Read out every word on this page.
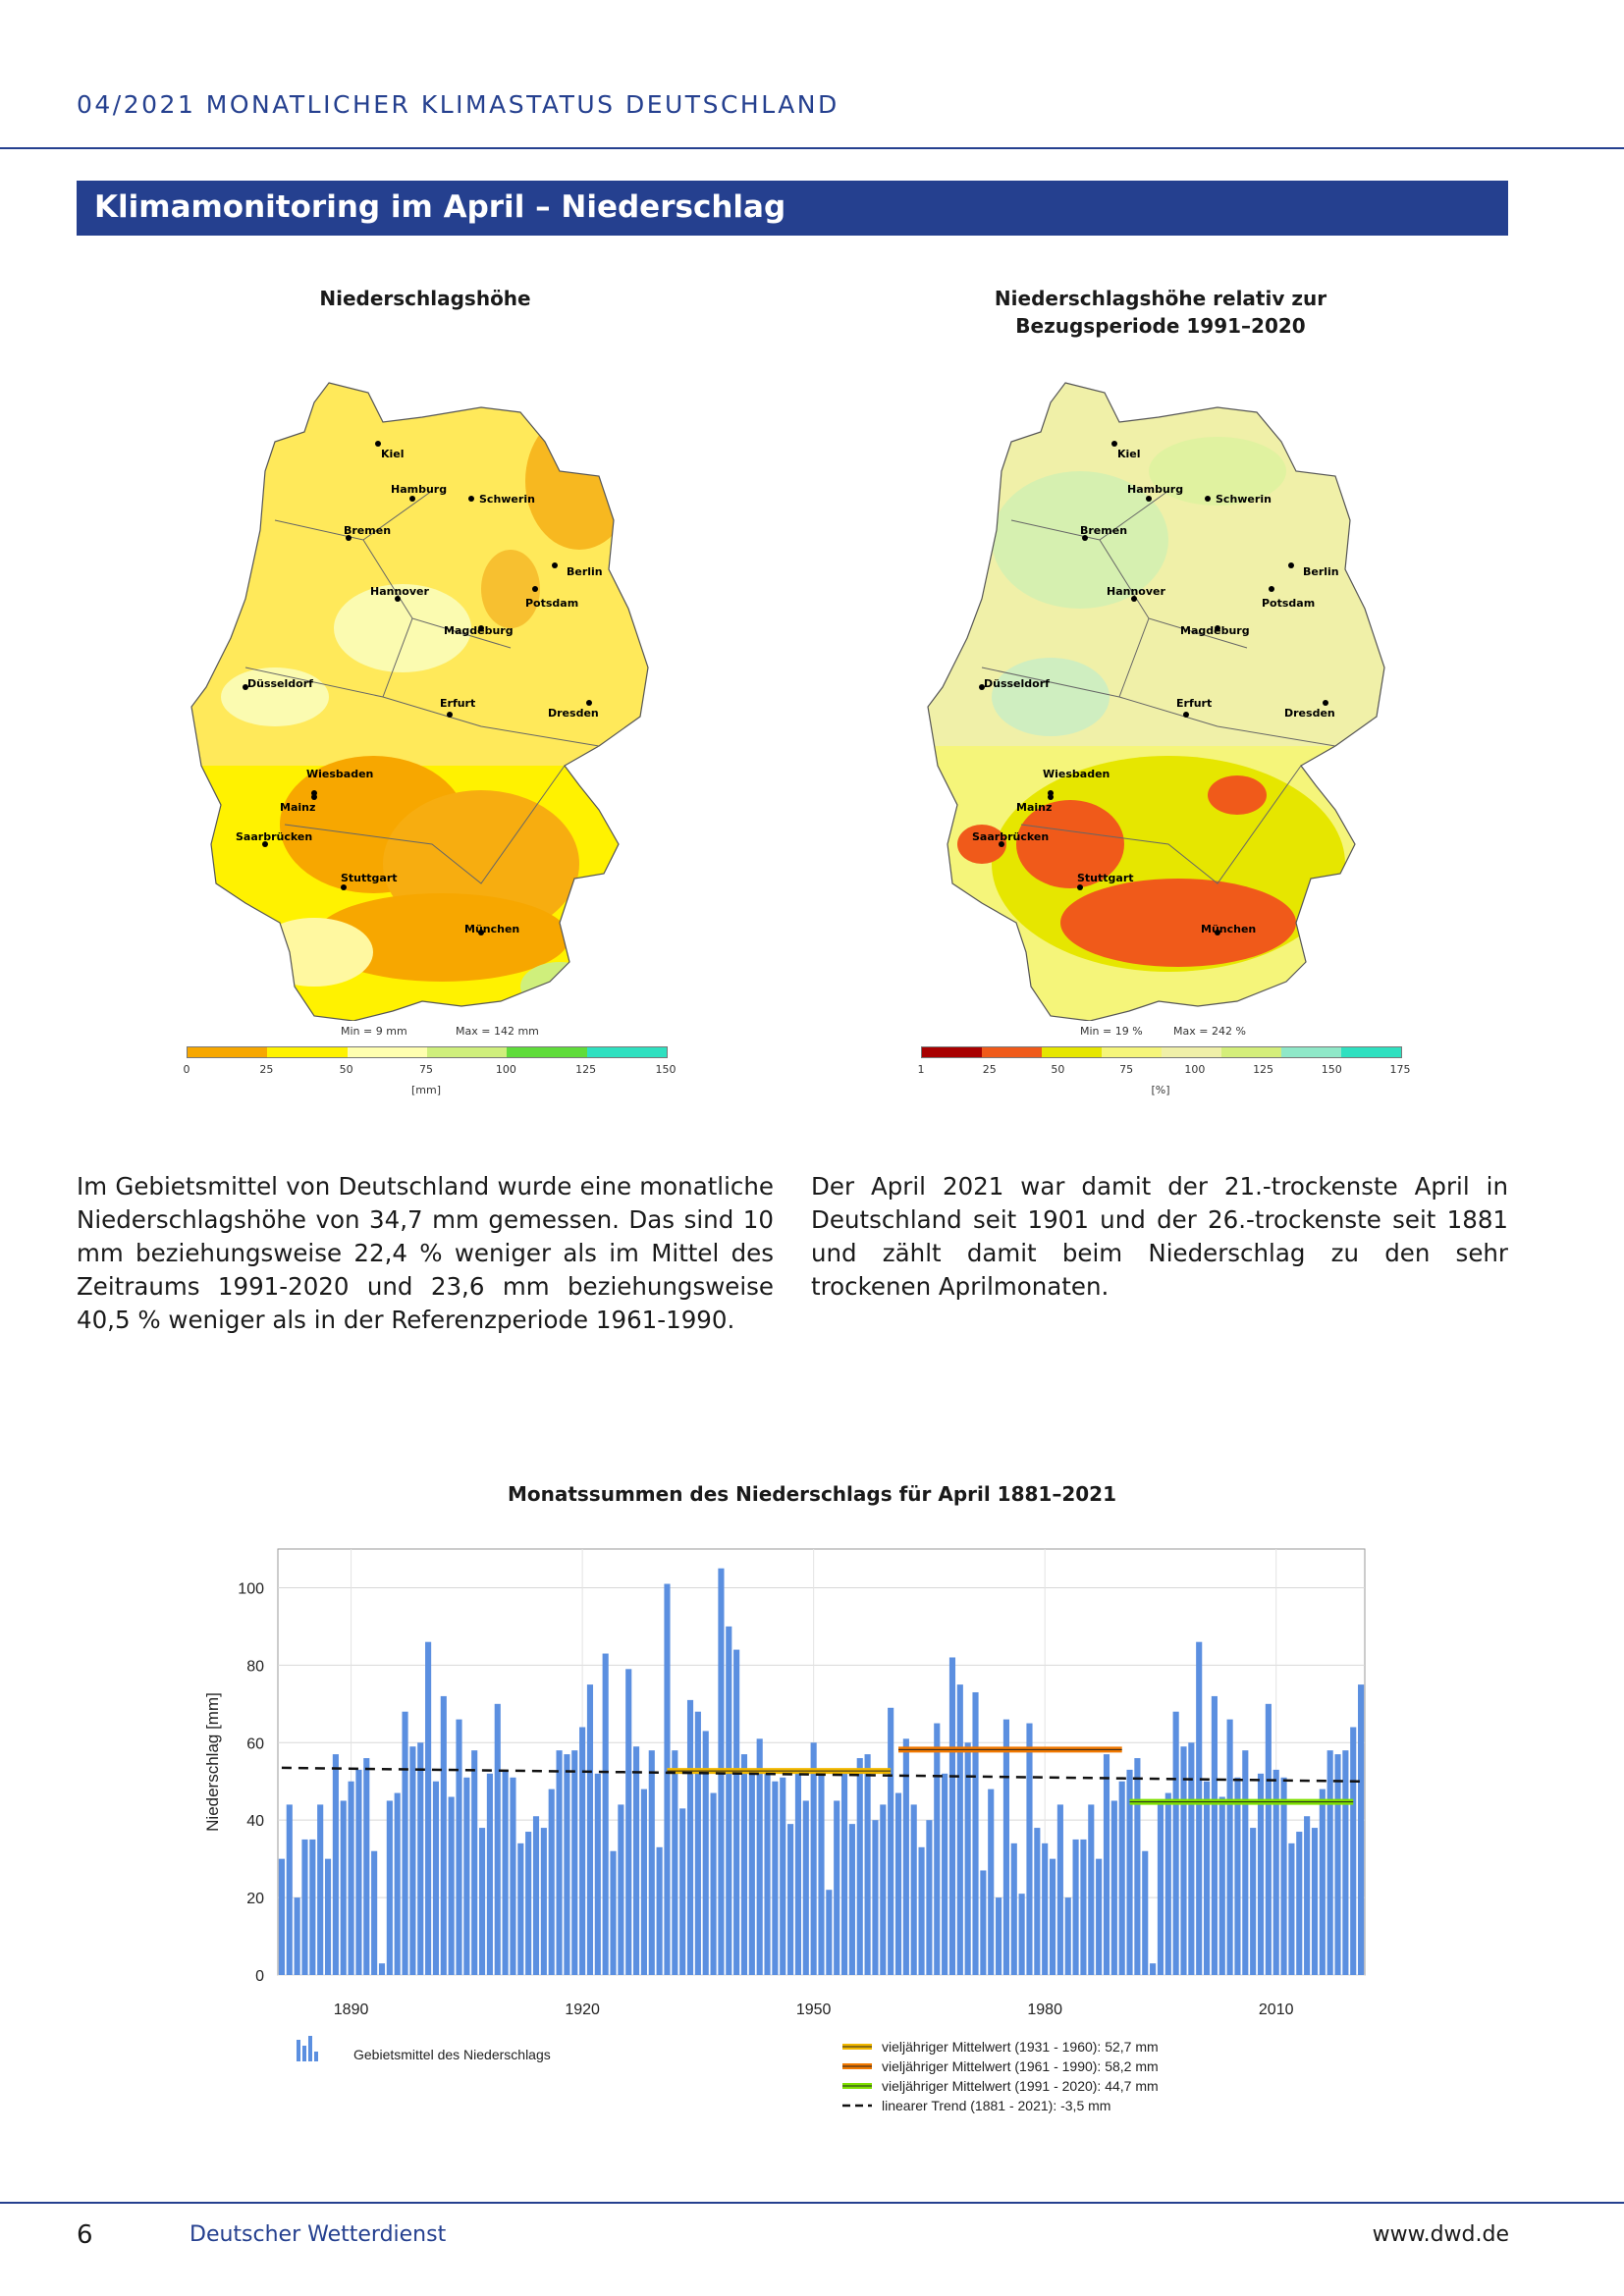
04/2021 MONATLICHER KLIMASTATUS DEUTSCHLAND
Klimamonitoring im April – Niederschlag
Niederschlagshöhe
Kiel
Hamburg
Schwerin
Bremen
Berlin
Hannover
Potsdam
Magdeburg
Düsseldorf
Erfurt
Dresden
Wiesbaden
Mainz
Saarbrücken
Stuttgart
München
Min = 9 mm	Max = 142 mm
0	25	50	75	100	125	150
[mm]
Niederschlagshöhe relativ zur
Bezugsperiode 1991–2020
Kiel
Hamburg
Schwerin
Bremen
Berlin
Hannover
Potsdam
Magdeburg
Düsseldorf
Erfurt
Dresden
Wiesbaden
Mainz
Saarbrücken
Stuttgart
München
Min = 19 %	Max = 242 %
1	25	50	75	100	125	150	175
[%]
Im Gebietsmittel von Deutschland wurde eine monatliche Niederschlagshöhe von 34,7 mm gemessen. Das sind 10 mm beziehungsweise 22,4 % weniger als im Mittel des Zeitraums 1991-2020 und 23,6 mm beziehungsweise 40,5 % weniger als in der Referenzperiode 1961-1990.
Der April 2021 war damit der 21.-trockenste April in Deutschland seit 1901 und der 26.-trockenste seit 1881 und zählt damit beim Niederschlag zu den sehr trockenen Aprilmonaten.
Monatssummen des Niederschlags für April 1881–2021
0
20
40
60
80
100
1890	1920	1950	1980	2010
Niederschlag [mm]
Gebietsmittel des Niederschlags	vieljähriger Mittelwert (1931 - 1960): 52,7 mm
vieljähriger Mittelwert (1961 - 1990): 58,2 mm
vieljähriger Mittelwert (1991 - 2020): 44,7 mm
linearer Trend (1881 - 2021): -3,5 mm
6	Deutscher Wetterdienst	www.dwd.de
